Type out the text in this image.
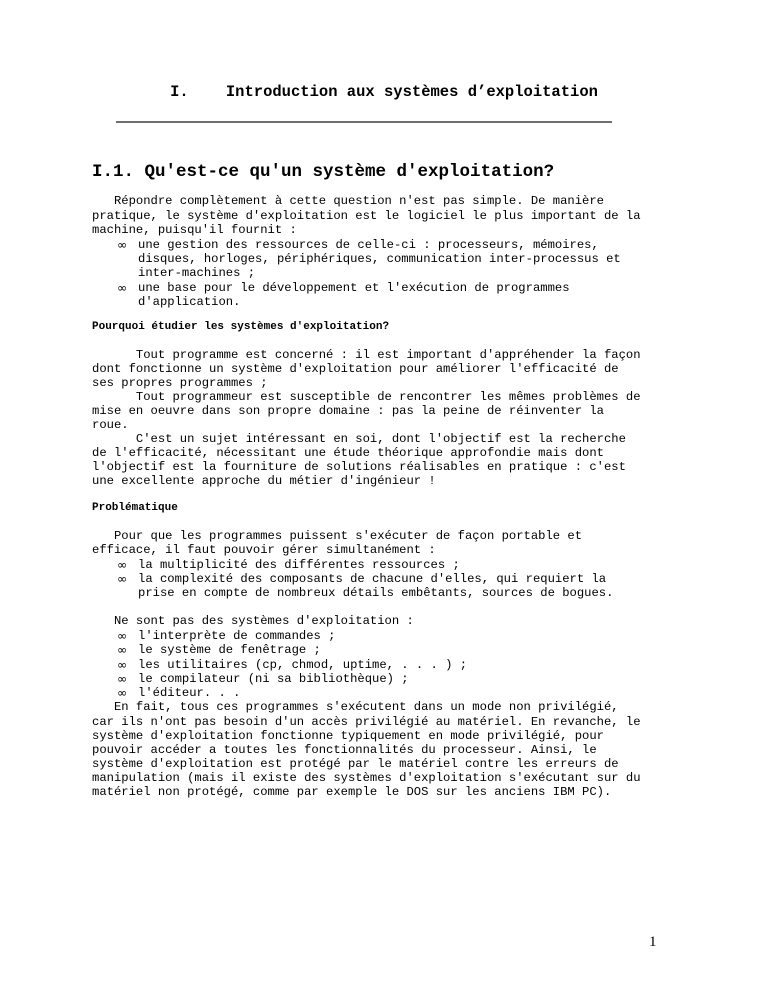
I.    Introduction aux systèmes d’exploitation
I.1. Qu'est-ce qu'un système d'exploitation?
Répondre complètement à cette question n'est pas simple. De manière
pratique, le système d'exploitation est le logiciel le plus important de la
machine, puisqu'il fournit :
∞ une gestion des ressources de celle-ci : processeurs, mémoires,
disques, horloges, périphériques, communication inter-processus et
inter-machines ;
∞ une base pour le développement et l'exécution de programmes
d'application.
Pourquoi étudier les systèmes d'exploitation?
Tout programme est concerné : il est important d'appréhender la façon
dont fonctionne un système d'exploitation pour améliorer l'efficacité de
ses propres programmes ;
Tout programmeur est susceptible de rencontrer les mêmes problèmes de
mise en oeuvre dans son propre domaine : pas la peine de réinventer la
roue.
C'est un sujet intéressant en soi, dont l'objectif est la recherche
de l'efficacité, nécessitant une étude théorique approfondie mais dont
l'objectif est la fourniture de solutions réalisables en pratique : c'est
une excellente approche du métier d'ingénieur !
Problématique
Pour que les programmes puissent s'exécuter de façon portable et
efficace, il faut pouvoir gérer simultanément :
∞ la multiplicité des différentes ressources ;
∞ la complexité des composants de chacune d'elles, qui requiert la
prise en compte de nombreux détails embêtants, sources de bogues.
Ne sont pas des systèmes d'exploitation :
∞ l'interprète de commandes ;
∞ le système de fenêtrage ;
∞ les utilitaires (cp, chmod, uptime, . . . ) ;
∞ le compilateur (ni sa bibliothèque) ;
∞ l'éditeur. . .
En fait, tous ces programmes s'exécutent dans un mode non privilégié,
car ils n'ont pas besoin d'un accès privilégié au matériel. En revanche, le
système d'exploitation fonctionne typiquement en mode privilégié, pour
pouvoir accéder a toutes les fonctionnalités du processeur. Ainsi, le
système d'exploitation est protégé par le matériel contre les erreurs de
manipulation (mais il existe des systèmes d'exploitation s'exécutant sur du
matériel non protégé, comme par exemple le DOS sur les anciens IBM PC).
1
